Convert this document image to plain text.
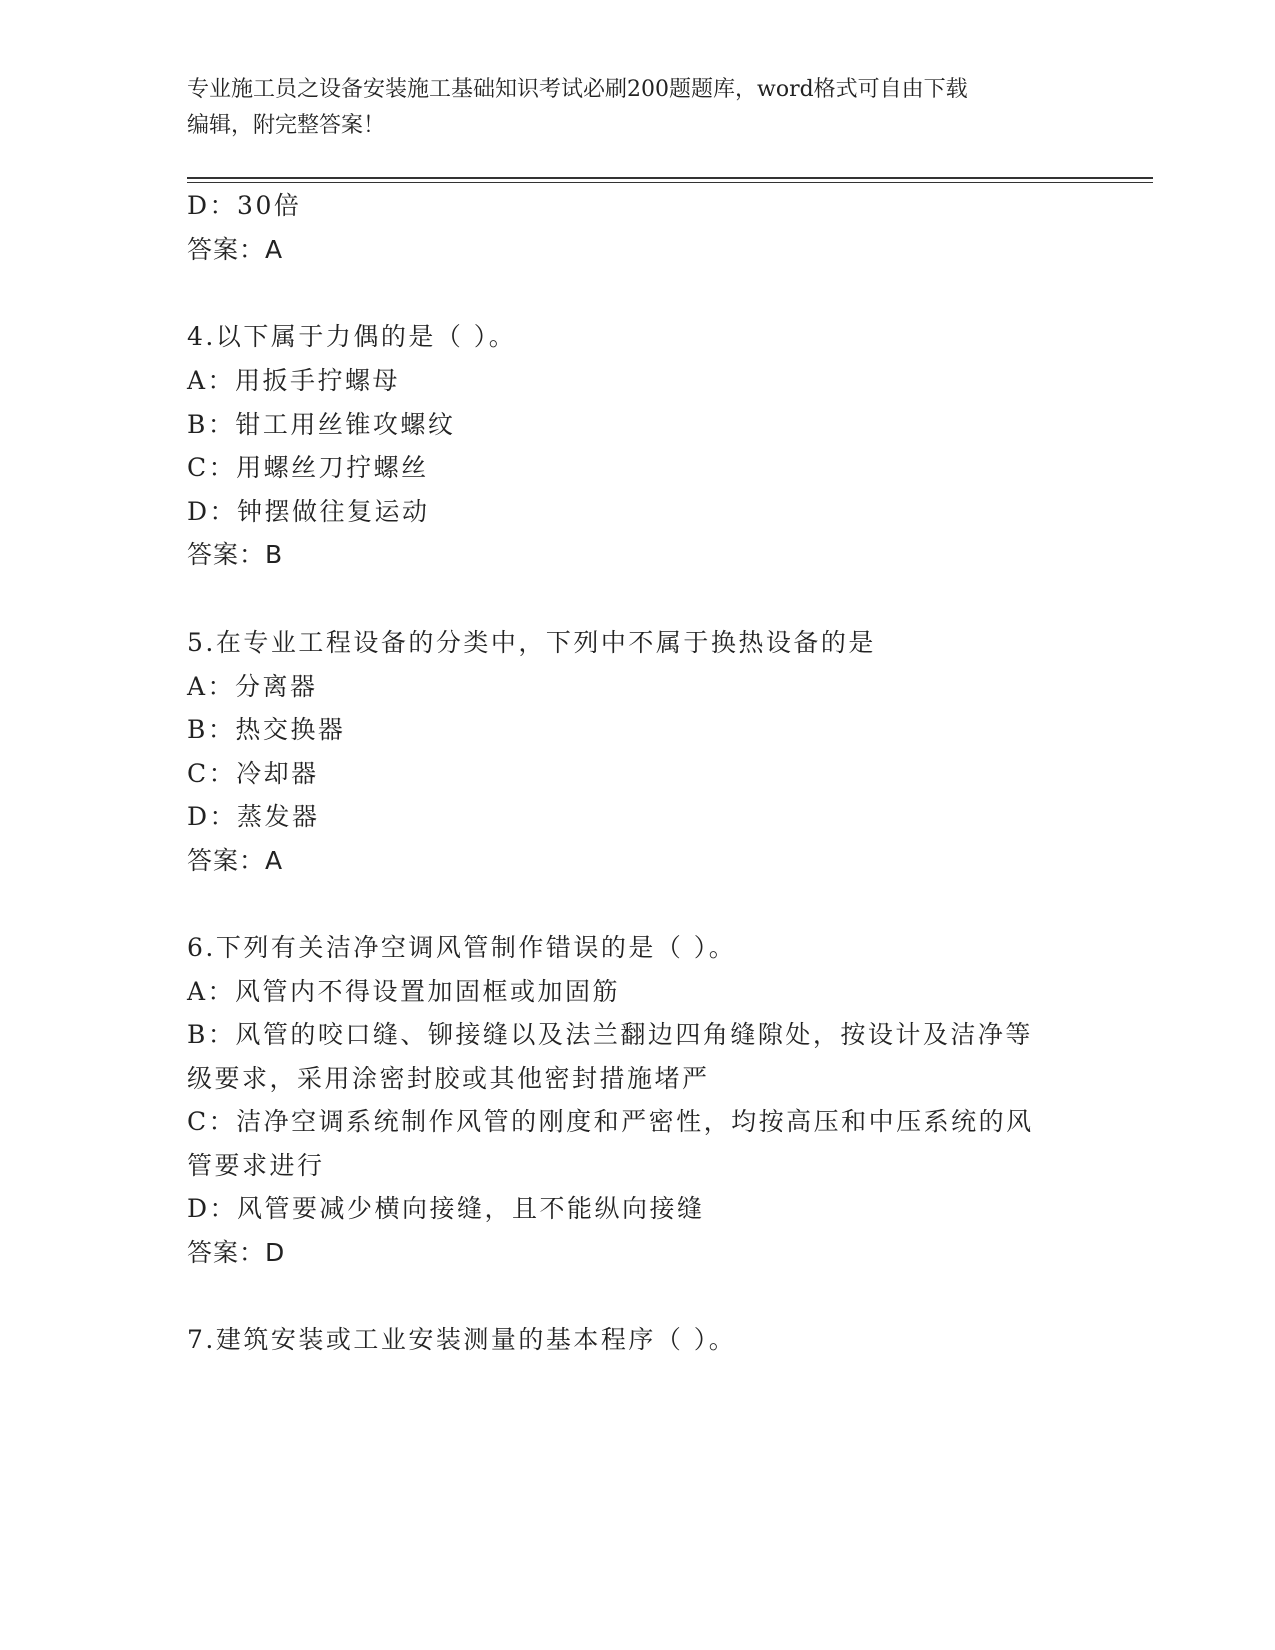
专业施工员之设备安装施工基础知识考试必刷200题题库，word格式可自由下载
编辑，附完整答案！
D：30倍
答案：A
4.以下属于力偶的是（ ）。
A：用扳手拧螺母
B：钳工用丝锥攻螺纹
C：用螺丝刀拧螺丝
D：钟摆做往复运动
答案：B
5.在专业工程设备的分类中，下列中不属于换热设备的是
A：分离器
B：热交换器
C：冷却器
D：蒸发器
答案：A
6.下列有关洁净空调风管制作错误的是（ ）。
A：风管内不得设置加固框或加固筋
B：风管的咬口缝、铆接缝以及法兰翻边四角缝隙处，按设计及洁净等
级要求，采用涂密封胶或其他密封措施堵严
C：洁净空调系统制作风管的刚度和严密性，均按高压和中压系统的风
管要求进行
D：风管要减少横向接缝，且不能纵向接缝
答案：D
7.建筑安装或工业安装测量的基本程序（ ）。
